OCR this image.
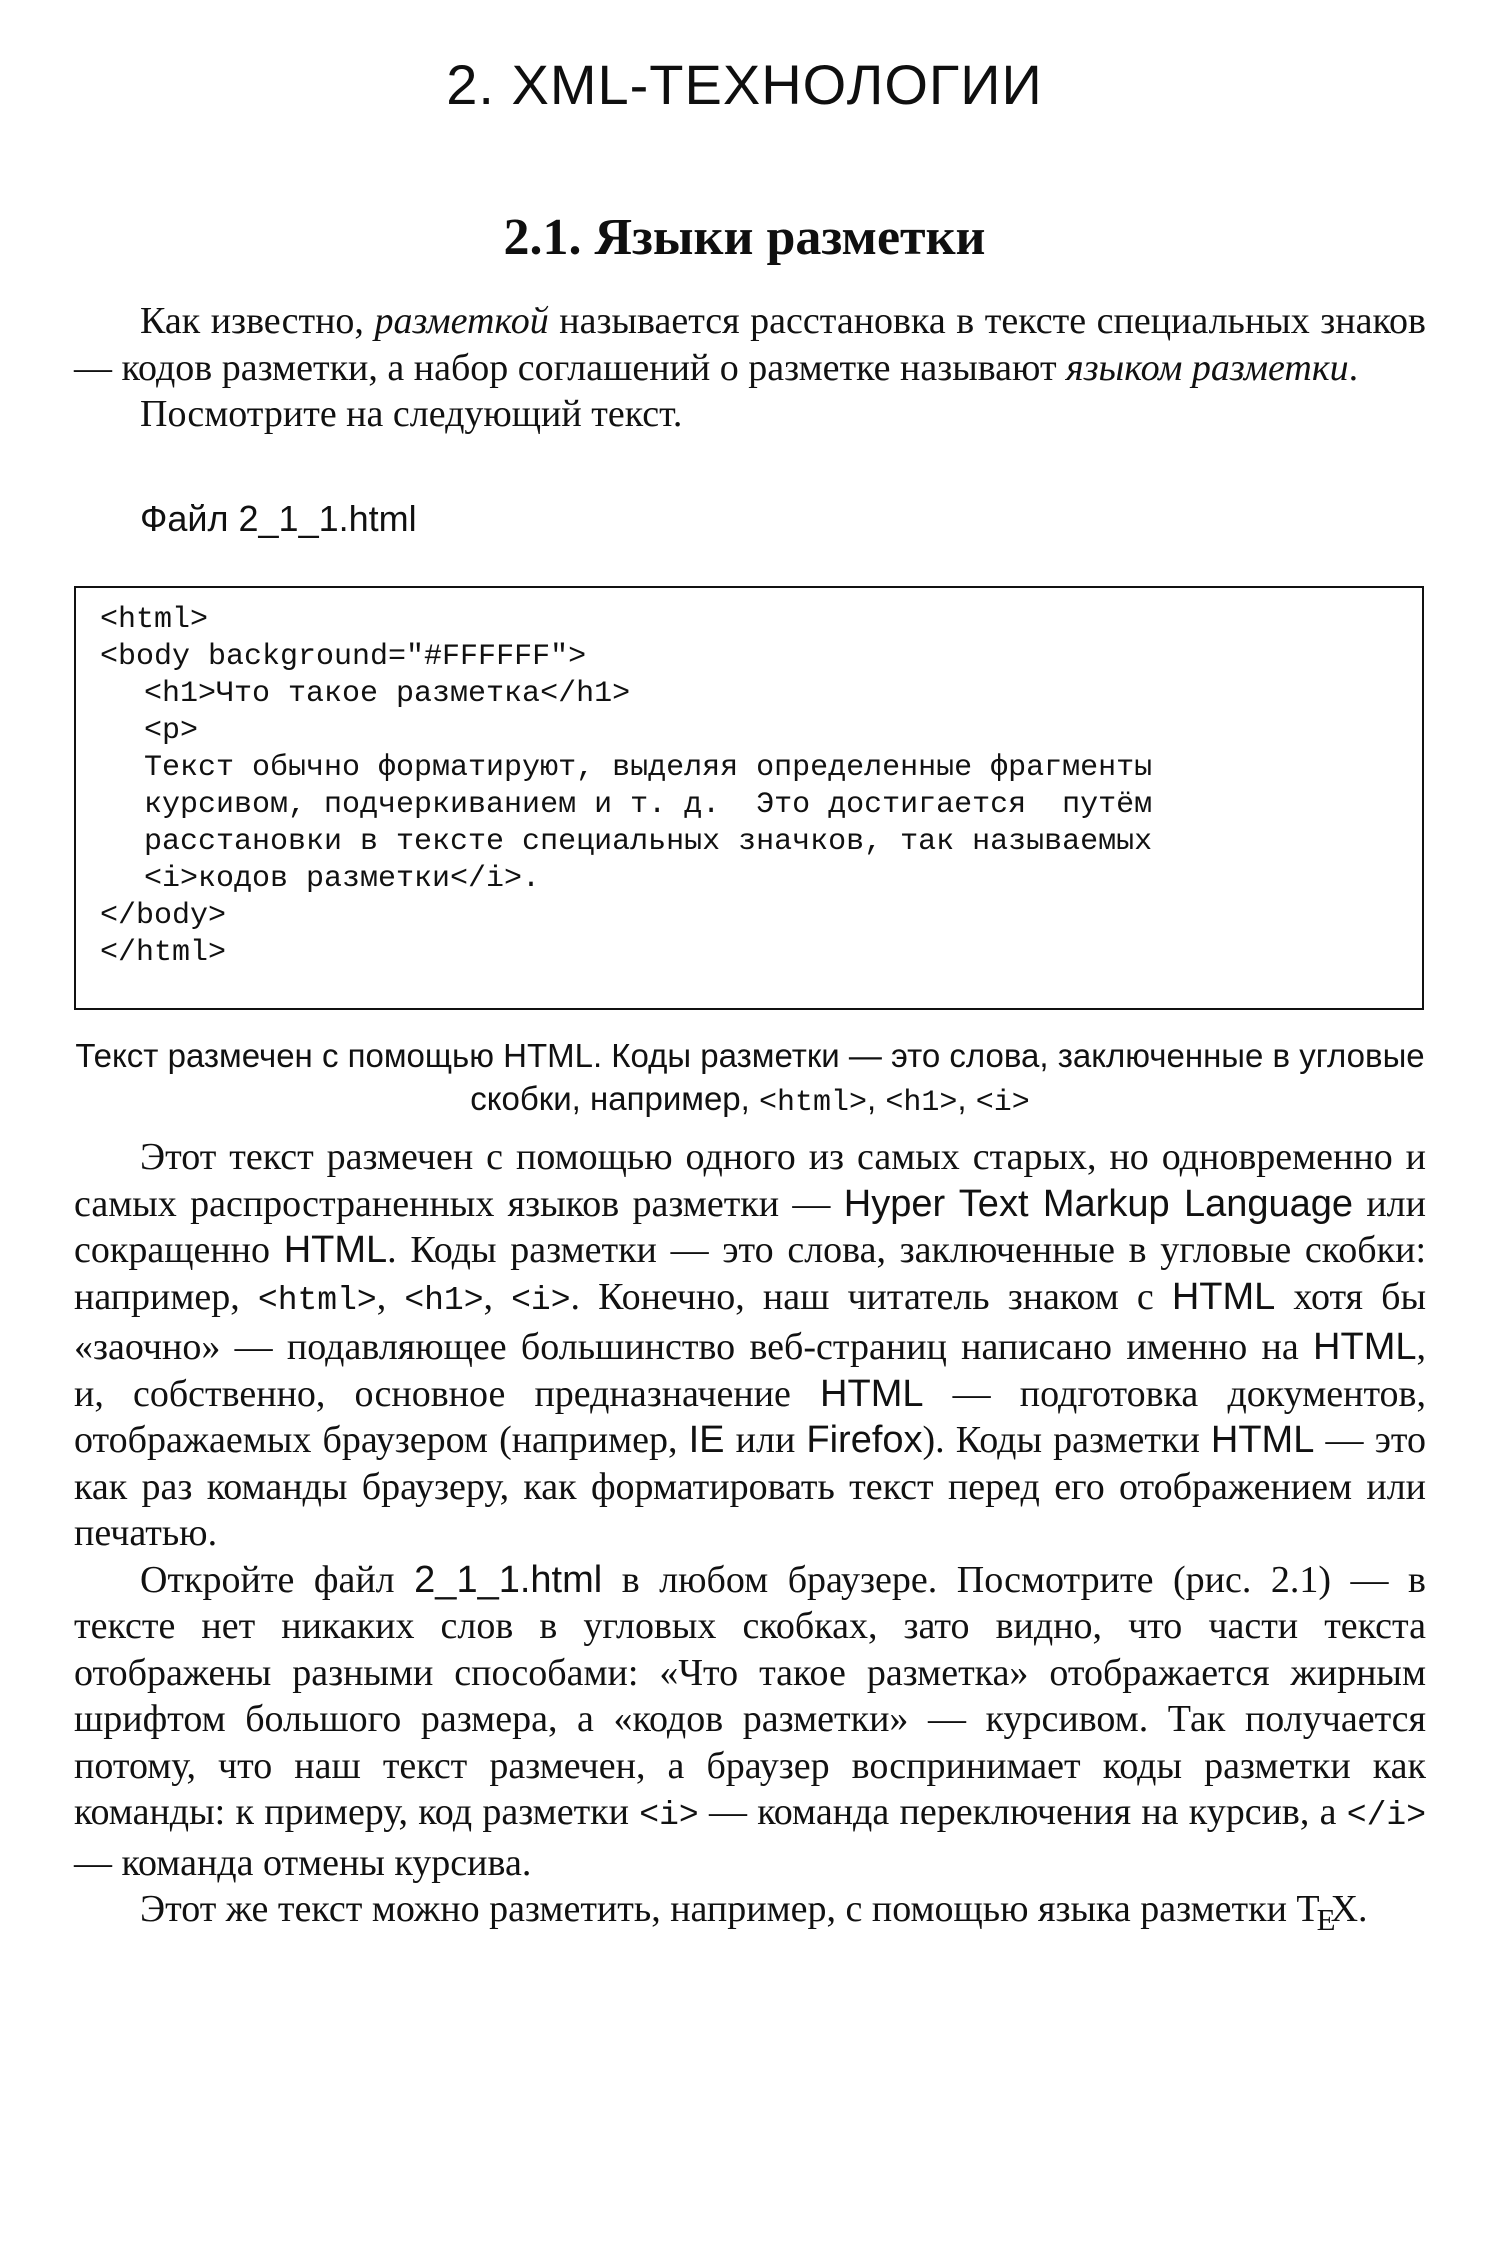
2. XML-ТЕХНОЛОГИИ
2.1. Языки разметки

Как известно, разметкой называется расстановка в тексте специальных знаков — кодов разметки, а набор соглашений о разметке называют языком разметки.

Посмотрите на следующий текст.

Файл 2_1_1.html
<html>
<body background="#FFFFFF">
<h1>Что такое разметка</h1>
<p>
Текст обычно форматируют, выделяя определенные фрагменты
курсивом, подчеркиванием и т. д.  Это достигается  путём
расстановки в тексте специальных значков, так называемых
<i>кодов разметки</i>.
</body>
</html>
Текст размечен с помощью HTML. Коды разметки — это слова, заключенные в угловые скобки, например, <html>, <h1>, <i>

Этот текст размечен с помощью одного из самых старых, но одновременно и самых распространенных языков разметки — Hyper Text Markup Language или сокращенно HTML. Коды разметки — это слова, заключенные в угловые скобки: например, <html>, <h1>, <i>. Конечно, наш читатель знаком с HTML хотя бы «заочно» — подавляющее большинство веб-страниц написано именно на HTML, и, собственно, основное предназначение HTML — подготовка документов, отображаемых браузером (например, IE или Firefox). Коды разметки HTML — это как раз команды браузеру, как форматировать текст перед его отображением или печатью.

Откройте файл 2_1_1.html в любом браузере. Посмотрите (рис. 2.1) — в тексте нет никаких слов в угловых скобках, зато видно, что части текста отображены разными способами: «Что такое разметка» отображается жирным шрифтом большого размера, а «кодов разметки» — курсивом. Так получается потому, что наш текст размечен, а браузер воспринимает коды разметки как команды: к примеру, код разметки <i> — команда переключения на курсив, а </i> — команда отмены курсива.

Этот же текст можно разметить, например, с помощью языка разметки $T_EX$.
